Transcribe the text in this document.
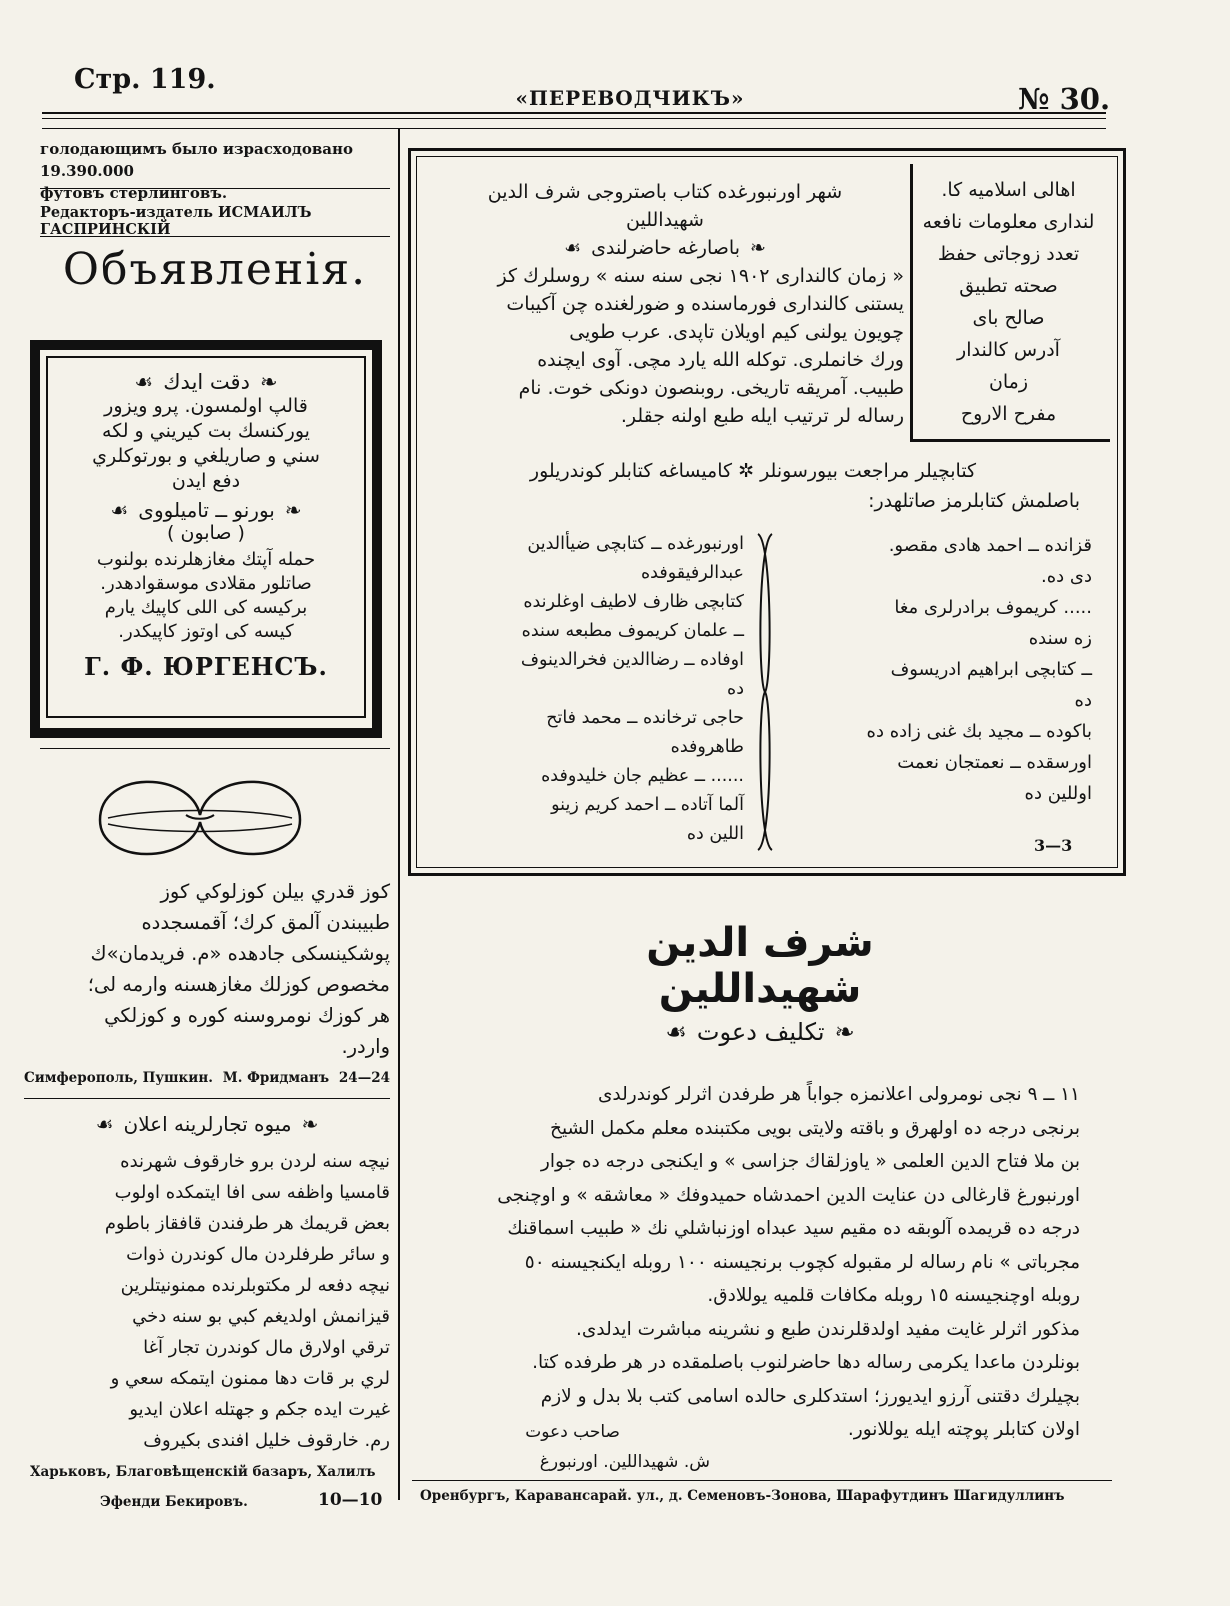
Стр. 119.
«ПЕРЕВОДЧИКЪ»	№ 30.
голодающимъ было израсходовано 19.390.000
футовъ стерлинговъ.
Редакторъ-издатель ИСМАИЛЪ ГАСПРИНСКІЙ
Объявленія.
❧دقت ایدك☙

قالپ اولمسون. پرو ويزور

يوركنسك بت كيريني و لكه

سني و صاريلغي و بورتوكلري

دفع ايدن

❧بورنو ــ تاميلووى☙
( صابون )

حمله آپتك مغازهلرنده بولنوب

صاتلور مقلادى موسقوادهدر.

بركيسه كى اللى كاپيك يارم

كيسه كى اوتوز كاپيكدر.

Г. Ф. ЮРГЕНСЪ.

كوز قدري بيلن كوزلوكي كوز

طبيبندن آلمق كرك؛ آقمسجدده

پوشكينسكى جادهده «م. فريدمان»ك

مخصوص كوزلك مغازهسنه وارمه لى؛

هر كوزك نومروسنه كوره و كوزلكي

واردر.

Симферополь, Пушкин. М. Фридманъ 24—24
❧ميوه تجارلرينه اعلان☙

نيچه سنه لردن برو خارقوف شهرنده

قامسيا واظفه سى افا ايتمكده اولوب

بعض قريمك هر طرفندن قافقاز باطوم

و سائر طرفلردن مال كوندرن ذوات

نيچه دفعه لر مكتوبلرنده ممنونيتلرين

قيزانمش اولديغم كبي بو سنه دخي

ترقي اولارق مال كوندرن تجار آغا

لري بر قات دها ممنون ايتمكه سعي و

غيرت ايده جكم و جهتله اعلان ايديو

رم. خارقوف خليل افندى بكيروف

Харьковъ, Благовѣщенскій базаръ, Халилъ
Эфенди Бекировъ.	10—10

اهالى اسلاميه كا.

لندارى معلومات نافعه

تعدد زوجاتى حفظ

صحته تطبيق

صالح باى

آدرس كالندار

زمان

مفرح الاروح

شهر اورنبورغده كتاب باصتروجى شرف الدين

شهيداللين

❧باصارغه حاضرلندى☙

« زمان كالندارى ۱۹۰۲ نجى سنه سنه » روسلرك كز

يستنى كالندارى فورماسنده و ضورلغنده چن آكيبات

چويون يولنى كيم اويلان تاپدى. عرب طويى

ورك خانملرى. توكله الله يارد مچى. آوى ايچنده

طبيب. آمريقه تاريخى. روبنصون دونكى خوت. نام

رساله لر ترتيب ايله طبع اولنه جقلر.

كتابچيلر مراجعت بيورسونلر ✲ كاميساغه كتابلر كوندريلور

باصلمش كتابلرمز صاتلهدر:

قزانده ــ احمد هادى مقصو.

دى ده.

..... كريموف برادرلرى مغا

زه سنده

ــ كتابچى ابراهيم ادريسوف

ده

باكوده ــ مجيد بك غنى زاده ده

اورسقده ــ نعمتجان نعمت

اوللين ده

اورنبورغده ــ كتابچى ضيأالدين

عبدالرفيقوفده

كتابچى ظارف لاطيف اوغلرنده

ــ علمان كريموف مطبعه سنده

اوفاده ــ رضاالدين فخرالدينوف

ده

حاجى ترخانده ــ محمد فاتح

طاهروفده

...... ــ عظيم جان خليدوفده

آلما آتاده ــ احمد كريم زينو

اللين ده

3—3
شرف الدين شهيداللين
❧تكليف دعوت☙

١١ ــ ٩ نجى نومرولى اعلانمزه جواباً هر طرفدن اثرلر كوندرلدى

برنجى درجه ده اولهرق و باقته ولايتى بويى مكتبنده معلم مكمل الشيخ

بن ملا فتاح الدين العلمى « ياوزلقاك جزاسى » و ايكنجى درجه ده جوار

اورنبورغ قارغالى دن عنايت الدين احمدشاه حميدوفك « معاشقه » و اوچنجى

درجه ده قريمده آلوبقه ده مقيم سيد عبداه اوزنباشلي نك « طبيب اسماقنك

مجرباتى » نام رساله لر مقبوله كچوب برنجيسنه ١٠٠ روبله ايكنجيسنه ٥٠

روبله اوچنجيسنه ١٥ روبله مكافات قلميه يوللادق.

مذكور اثرلر غايت مفيد اولدقلرندن طبع و نشرينه مباشرت ايدلدى.

بونلردن ماعدا يكرمى رساله دها حاضرلنوب باصلمقده در هر طرفده كتا.

بچيلرك دقتنى آرزو ايديورز؛ استدكلرى حالده اسامى كتب بلا بدل و لازم

اولان كتابلر پوچته ايله يوللانور.

صاحب دعوت
ش. شهيداللين. اورنبورغ
Оренбургъ, Каравансарай. ул., д. Семеновъ-Зонова, Шарафутдинъ Шагидуллинъ
